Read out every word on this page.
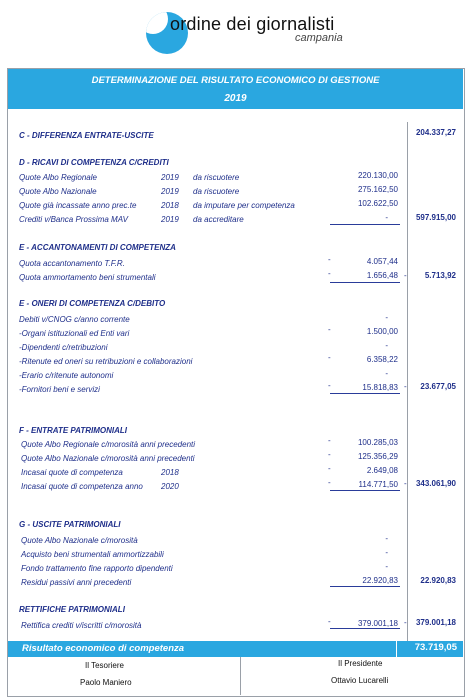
ordine dei giornalisti
campania
DETERMINAZIONE DEL RISULTATO ECONOMICO DI GESTIONE
2019
C - DIFFERENZA ENTRATE-USCITE	204.337,27
D - RICAVI DI COMPETENZA C/CREDITI
Quote Albo Regionale	2019 da riscuotere	220.130,00
Quote Albo Nazionale	2019 da riscuotere	275.162,50
Quote già incassate anno prec.te	2018 da imputare per competenza	102.622,50
Crediti v/Banca Prossima MAV	2019 da accreditare	-	597.915,00
E - ACCANTONAMENTI DI COMPETENZA
Quota accantonamento T.F.R.	-	4.057,44
Quota ammortamento beni strumentali	-	1.656,48 -	5.713,92
E - ONERI DI COMPETENZA C/DEBITO
Debiti v/CNOG c/anno corrente	-
-Organi istituzionali ed Enti vari	-	1.500,00
-Dipendenti c/retribuzioni	-
-Ritenute ed oneri su retribuzioni e collaborazioni	-	6.358,22
-Erario c/ritenute autonomi	-
-Fornitori beni e servizi	-	15.818,83 -	23.677,05
F - ENTRATE PATRIMONIALI
Quote Albo Regionale c/morosità anni precedenti	-	100.285,03
Quote Albo Nazionale c/morosità anni precedenti	-	125.356,29
Incasai quote di competenza	2018	-	2.649,08
Incasai quote di competenza anno 2020	-	114.771,50 -	343.061,90
G - USCITE PATRIMONIALI
Quote Albo Nazionale c/morosità	-
Acquisto beni strumentali ammortizzabili	-
Fondo trattamento fine rapporto dipendenti	-
Residui passivi anni precedenti	22.920,83	22.920,83
RETTIFICHE PATRIMONIALI
Rettifica crediti v/iscritti c/morosità	-	379.001,18 -	379.001,18
Risultato economico di competenza	73.719,05
Il Tesoriere
Paolo Maniero
Il Presidente
Ottavio Lucarelli
